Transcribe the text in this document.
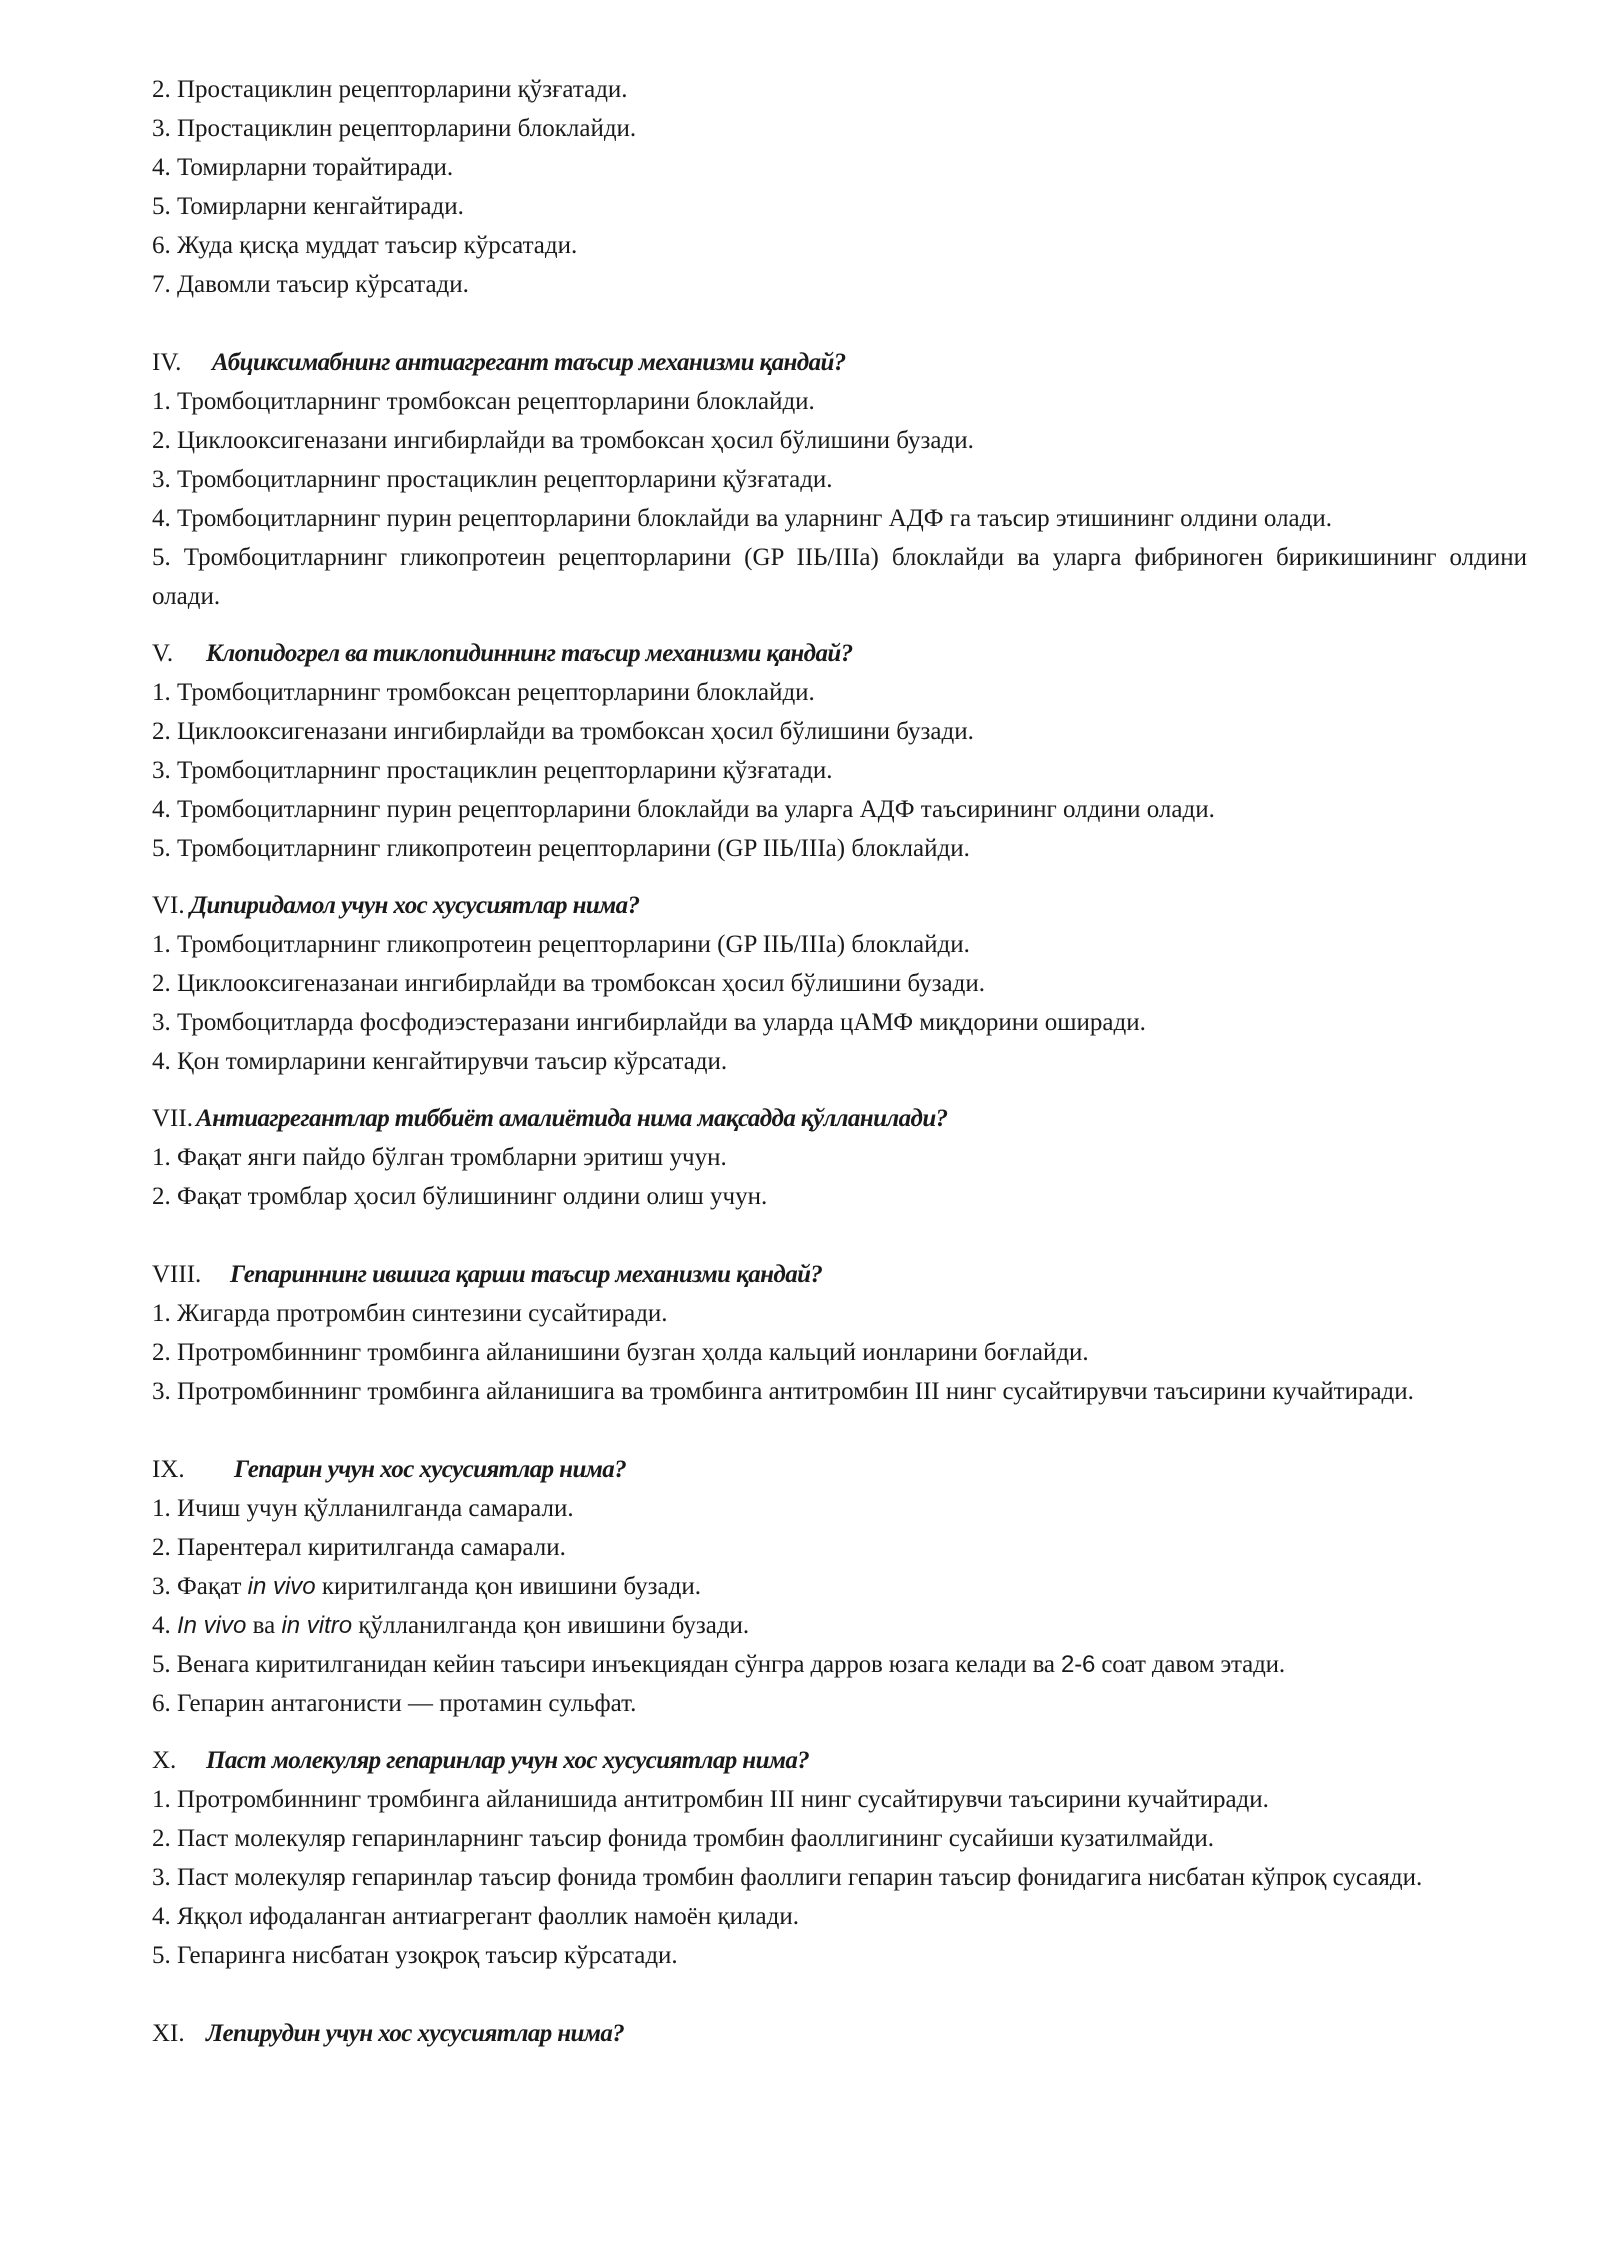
2. Простациклин рецепторларини қўзғатади.

3. Простациклин рецепторларини блоклайди.

4. Томирларни торайтиради.

5. Томирларни кенгайтиради.

6. Жуда қисқа муддат таъсир кўрсатади.

7. Давомли таъсир кўрсатади.

IV. Абциксимабнинг антиагрегант таъсир механизми қандай?

1. Тромбоцитларнинг тромбоксан рецепторларини блоклайди.

2. Циклооксигеназани ингибирлайди ва тромбоксан ҳосил бўлишини бузади.

3. Тромбоцитларнинг простациклин рецепторларини қўзғатади.

4. Тромбоцитларнинг пурин рецепторларини блоклайди ва уларнинг АДФ га таъсир этишининг олдини олади.

5. Тромбоцитларнинг гликопротеин рецепторларини (GP IIЬ/IIIа) блоклайди ва уларга фибриноген бирикишининг олдини олади.

V. Клопидогрел ва тиклопидиннинг таъсир механизми қандай?

1. Тромбоцитларнинг тромбоксан рецепторларини блоклайди.

2. Циклооксигеназани ингибирлайди ва тромбоксан ҳосил бўлишини бузади.

3. Тромбоцитларнинг простациклин рецепторларини қўзғатади.

4. Тромбоцитларнинг пурин рецепторларини блоклайди ва уларга АДФ таъсирининг олдини олади.

5. Тромбоцитларнинг гликопротеин рецепторларини (GP IIЬ/IIIа) блоклайди.

VI. Дипиридамол учун хос хусусиятлар нима?

1. Тромбоцитларнинг гликопротеин рецепторларини (GP IIЬ/IIIа) блоклайди.

2. Циклооксигеназанаи ингибирлайди ва тромбоксан ҳосил бўлишини бузади.

3. Тромбоцитларда фосфодиэстеразани ингибирлайди ва уларда цАМФ миқдорини оширади.

4. Қон томирларини кенгайтирувчи таъсир кўрсатади.

VII. Антиагрегантлар тиббиёт амалиётида нима мақсадда қўлланилади?

1. Фақат янги пайдо бўлган тромбларни эритиш учун.

2. Фақат тромблар ҳосил бўлишининг олдини олиш учун.

VIII. Гепариннинг ившига қарши таъсир механизми қандай?

1. Жигарда протромбин синтезини сусайтиради.

2. Протромбиннинг тромбинга айланишини бузган ҳолда кальций ионларини боғлайди.

3. Протромбиннинг тромбинга айланишига ва тромбинга антитромбин III нинг сусайтирувчи таъсирини кучайтиради.

IX. Гепарин учун хос хусусиятлар нима?

1. Ичиш учун қўлланилганда самарали.

2. Парентерал киритилганда самарали.

3. Фақат in vivo киритилганда қон ивишини бузади.

4. In vivo ва in vitro қўлланилганда қон ивишини бузади.

5. Венага киритилганидан кейин таъсири инъекциядан сўнгра дарров юзага келади ва 2-6 соат давом этади.

6. Гепарин антагонисти — протамин сульфат.

X. Паст молекуляр гепаринлар учун хос хусусиятлар нима?

1. Протромбиннинг тромбинга айланишида антитромбин III нинг сусайтирувчи таъсирини кучайтиради.

2. Паст молекуляр гепаринларнинг таъсир фонида тромбин фаоллигининг сусайиши кузатилмайди.

3. Паст молекуляр гепаринлар таъсир фонида тромбин фаоллиги гепарин таъсир фонидагига нисбатан кўпроқ сусаяди.

4. Яққол ифодаланган антиагрегант фаоллик намоён қилади.

5. Гепаринга нисбатан узоқроқ таъсир кўрсатади.

XI. Лепирудин учун хос хусусиятлар нима?
